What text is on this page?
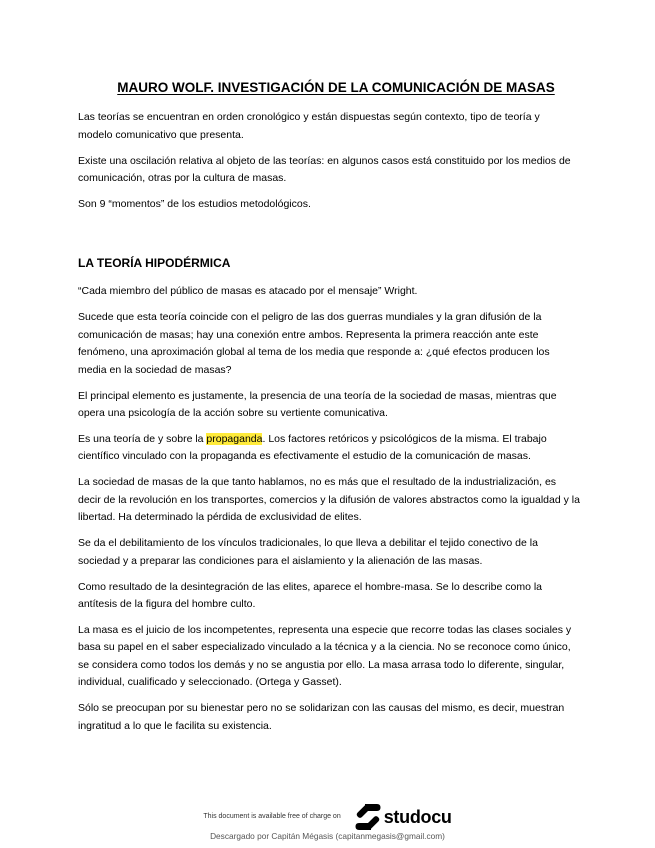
MAURO WOLF. INVESTIGACIÓN DE LA COMUNICACIÓN DE MASAS

Las teorías se encuentran en orden cronológico y están dispuestas según contexto, tipo de teoría y modelo comunicativo que presenta.

Existe una oscilación relativa al objeto de las teorías: en algunos casos está constituido por los medios de comunicación, otras por la cultura de masas.

Son 9 “momentos” de los estudios metodológicos.

LA TEORÍA HIPODÉRMICA

“Cada miembro del público de masas es atacado por el mensaje” Wright.

Sucede que esta teoría coincide con el peligro de las dos guerras mundiales y la gran difusión de la comunicación de masas; hay una conexión entre ambos. Representa la primera reacción ante este fenómeno, una aproximación global al tema de los media que responde a: ¿qué efectos producen los media en la sociedad de masas?

El principal elemento es justamente, la presencia de una teoría de la sociedad de masas, mientras que opera una psicología de la acción sobre su vertiente comunicativa.

Es una teoría de y sobre la propaganda. Los factores retóricos y psicológicos de la misma. El trabajo científico vinculado con la propaganda es efectivamente el estudio de la comunicación de masas.

La sociedad de masas de la que tanto hablamos, no es más que el resultado de la industrialización, es decir de la revolución en los transportes, comercios y la difusión de valores abstractos como la igualdad y la libertad. Ha determinado la pérdida de exclusividad de elites.

Se da el debilitamiento de los vínculos tradicionales, lo que lleva a debilitar el tejido conectivo de la sociedad y a preparar las condiciones para el aislamiento y la alienación de las masas.

Como resultado de la desintegración de las elites, aparece el hombre-masa. Se lo describe como la antítesis de la figura del hombre culto.

La masa es el juicio de los incompetentes, representa una especie que recorre todas las clases sociales y basa su papel en el saber especializado vinculado a la técnica y a la ciencia. No se reconoce como único, se considera como todos los demás y no se angustia por ello. La masa arrasa todo lo diferente, singular, individual, cualificado y seleccionado. (Ortega y Gasset).

Sólo se preocupan por su bienestar pero no se solidarizan con las causas del mismo, es decir, muestran ingratitud a lo que le facilita su existencia.

This document is available free of charge on studocu
Descargado por Capitán Mégasis (capitanmegasis@gmail.com)
